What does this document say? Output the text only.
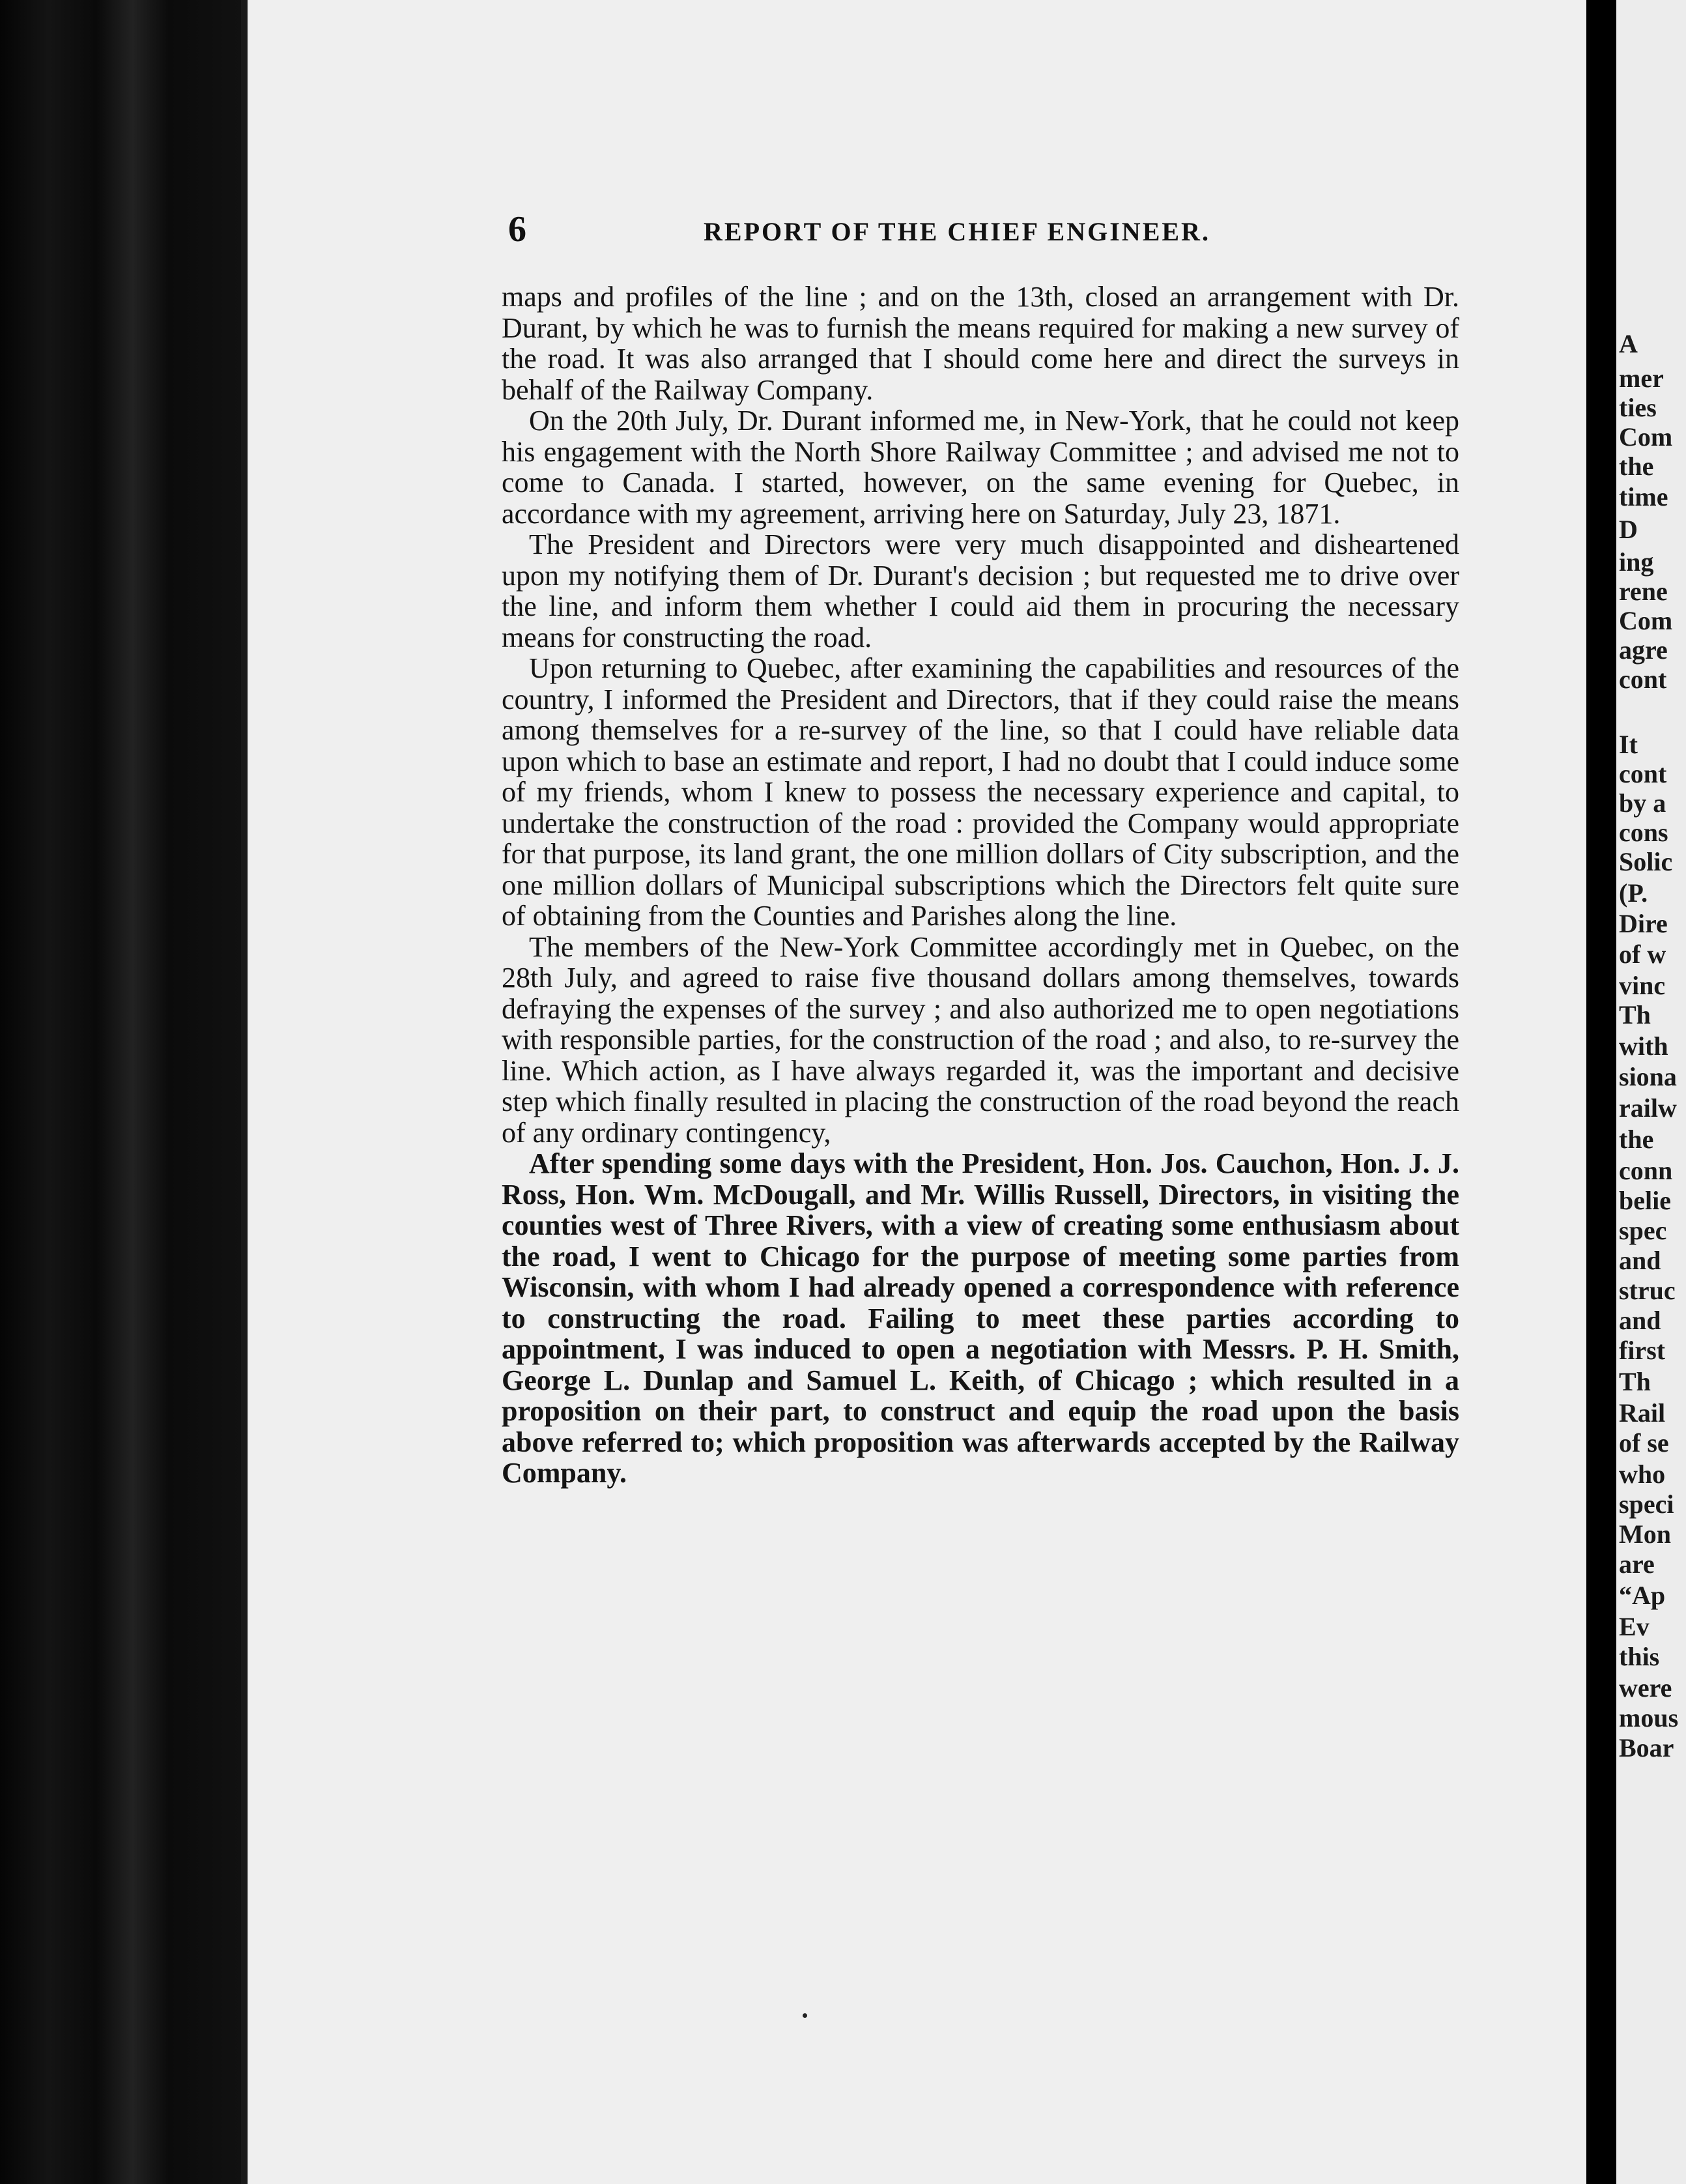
6	REPORT OF THE CHIEF ENGINEER.

maps and profiles of the line ; and on the 13th, closed an arrangement with Dr. Durant, by which he was to furnish the means required for making a new survey of the road. It was also arranged that I should come here and direct the surveys in behalf of the Railway Company.

On the 20th July, Dr. Durant informed me, in New-York, that he could not keep his engagement with the North Shore Railway Committee ; and advised me not to come to Canada. I started, however, on the same evening for Quebec, in accordance with my agreement, arriving here on Saturday, July 23, 1871.

The President and Directors were very much disappointed and disheartened upon my notifying them of Dr. Durant's decision ; but requested me to drive over the line, and inform them whether I could aid them in procuring the necessary means for constructing the road.

Upon returning to Quebec, after examining the capabilities and resources of the country, I informed the President and Directors, that if they could raise the means among themselves for a re-survey of the line, so that I could have reliable data upon which to base an estimate and report, I had no doubt that I could induce some of my friends, whom I knew to possess the necessary experience and capital, to undertake the construction of the road : provided the Company would appropriate for that purpose, its land grant, the one million dollars of City subscription, and the one million dollars of Municipal subscriptions which the Directors felt quite sure of obtaining from the Counties and Parishes along the line.

The members of the New-York Committee accordingly met in Quebec, on the 28th July, and agreed to raise five thousand dollars among themselves, towards defraying the expenses of the survey ; and also authorized me to open negotiations with responsible parties, for the construction of the road ; and also, to re-survey the line. Which action, as I have always regarded it, was the important and decisive step which finally resulted in placing the construction of the road beyond the reach of any ordinary contingency,

After spending some days with the President, Hon. Jos. Cauchon, Hon. J. J. Ross, Hon. Wm. McDougall, and Mr. Willis Russell, Directors, in visiting the counties west of Three Rivers, with a view of creating some enthusiasm about the road, I went to Chicago for the purpose of meeting some parties from Wisconsin, with whom I had already opened a correspondence with reference to constructing the road. Failing to meet these parties according to appointment, I was induced to open a negotiation with Messrs. P. H. Smith, George L. Dunlap and Samuel L. Keith, of Chicago ; which resulted in a proposition on their part, to construct and equip the road upon the basis above referred to; which proposition was afterwards accepted by the Railway Company.

A
mer
ties
Com
the
time
D
ing
rene
Com
agre
cont
It
cont
by a
cons
Solic
(P.
Dire
of w
vinc
Th
with
siona
railw
the
conn
belie
spec
and
struc
and
first
Th
Rail
of se
who
speci
Mon
are
“Ap
Ev
this
were
mous
Boar
